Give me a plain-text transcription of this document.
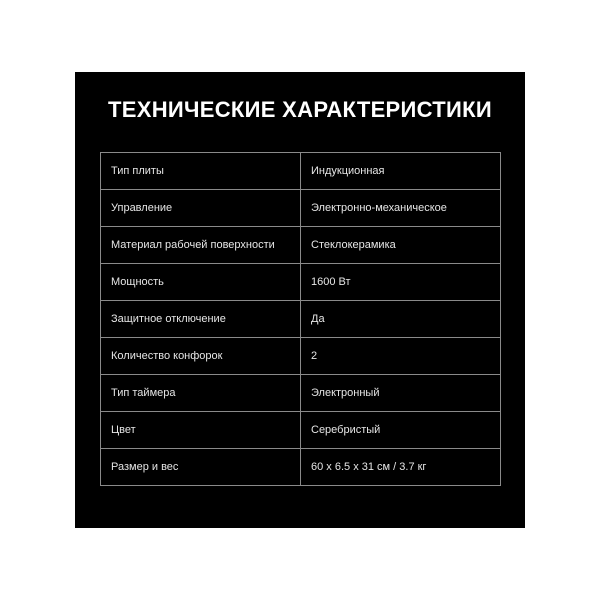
ТЕХНИЧЕСКИЕ ХАРАКТЕРИСТИКИ
Тип плиты	Индукционная
Управление	Электронно-механическое
Материал рабочей поверхности	Стеклокерамика
Мощность	1600 Вт
Защитное отключение	Да
Количество конфорок	2
Тип таймера	Электронный
Цвет	Серебристый
Размер и вес	60 x 6.5 x 31 см / 3.7 кг
